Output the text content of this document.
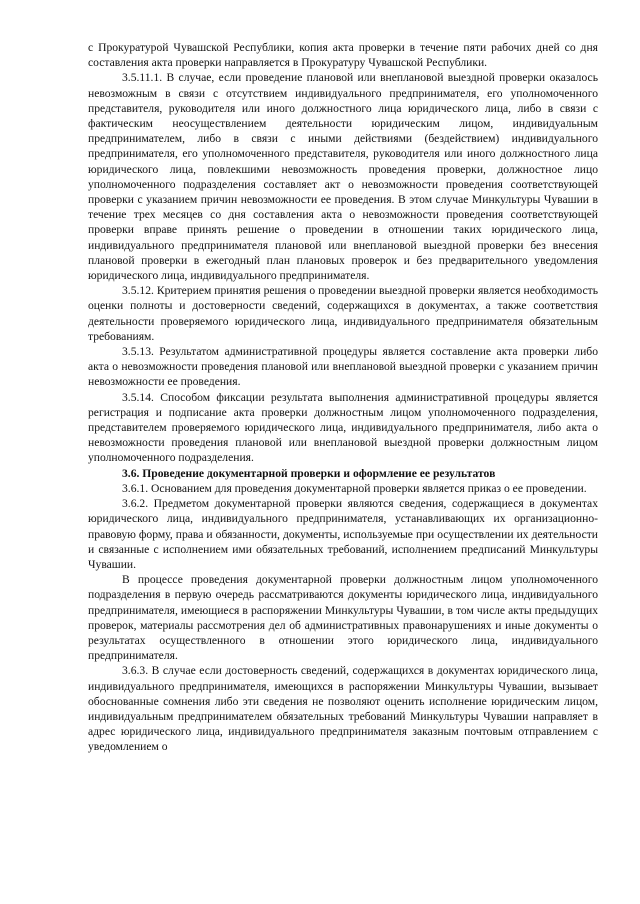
с Прокуратурой Чувашской Республики, копия акта проверки в течение пяти рабочих дней со дня составления акта проверки направляется в Прокуратуру Чувашской Республики.

3.5.11.1. В случае, если проведение плановой или внеплановой выездной проверки оказалось невозможным в связи с отсутствием индивидуального предпринимателя, его уполномоченного представителя, руководителя или иного должностного лица юридического лица, либо в связи с фактическим неосуществлением деятельности юридическим лицом, индивидуальным предпринимателем, либо в связи с иными действиями (бездействием) индивидуального предпринимателя, его уполномоченного представителя, руководителя или иного должностного лица юридического лица, повлекшими невозможность проведения проверки, должностное лицо уполномоченного подразделения составляет акт о невозможности проведения соответствующей проверки с указанием причин невозможности ее проведения. В этом случае Минкультуры Чувашии в течение трех месяцев со дня составления акта о невозможности проведения соответствующей проверки вправе принять решение о проведении в отношении таких юридического лица, индивидуального предпринимателя плановой или внеплановой выездной проверки без внесения плановой проверки в ежегодный план плановых проверок и без предварительного уведомления юридического лица, индивидуального предпринимателя.

3.5.12. Критерием принятия решения о проведении выездной проверки является необходимость оценки полноты и достоверности сведений, содержащихся в документах, а также соответствия деятельности проверяемого юридического лица, индивидуального предпринимателя обязательным требованиям.

3.5.13. Результатом административной процедуры является составление акта проверки либо акта о невозможности проведения плановой или внеплановой выездной проверки с указанием причин невозможности ее проведения.

3.5.14. Способом фиксации результата выполнения административной процедуры является регистрация и подписание акта проверки должностным лицом уполномоченного подразделения, представителем проверяемого юридического лица, индивидуального предпринимателя, либо акта о невозможности проведения плановой или внеплановой выездной проверки должностным лицом уполномоченного подразделения.

3.6. Проведение документарной проверки и оформление ее результатов

3.6.1. Основанием для проведения документарной проверки является приказ о ее проведении.

3.6.2. Предметом документарной проверки являются сведения, содержащиеся в документах юридического лица, индивидуального предпринимателя, устанавливающих их организационно-правовую форму, права и обязанности, документы, используемые при осуществлении их деятельности и связанные с исполнением ими обязательных требований, исполнением предписаний Минкультуры Чувашии.

В процессе проведения документарной проверки должностным лицом уполномоченного подразделения в первую очередь рассматриваются документы юридического лица, индивидуального предпринимателя, имеющиеся в распоряжении Минкультуры Чувашии, в том числе акты предыдущих проверок, материалы рассмотрения дел об административных правонарушениях и иные документы о результатах осуществленного в отношении этого юридического лица, индивидуального предпринимателя.

3.6.3. В случае если достоверность сведений, содержащихся в документах юридического лица, индивидуального предпринимателя, имеющихся в распоряжении Минкультуры Чувашии, вызывает обоснованные сомнения либо эти сведения не позволяют оценить исполнение юридическим лицом, индивидуальным предпринимателем обязательных требований Минкультуры Чувашии направляет в адрес юридического лица, индивидуального предпринимателя заказным почтовым отправлением с уведомлением о
